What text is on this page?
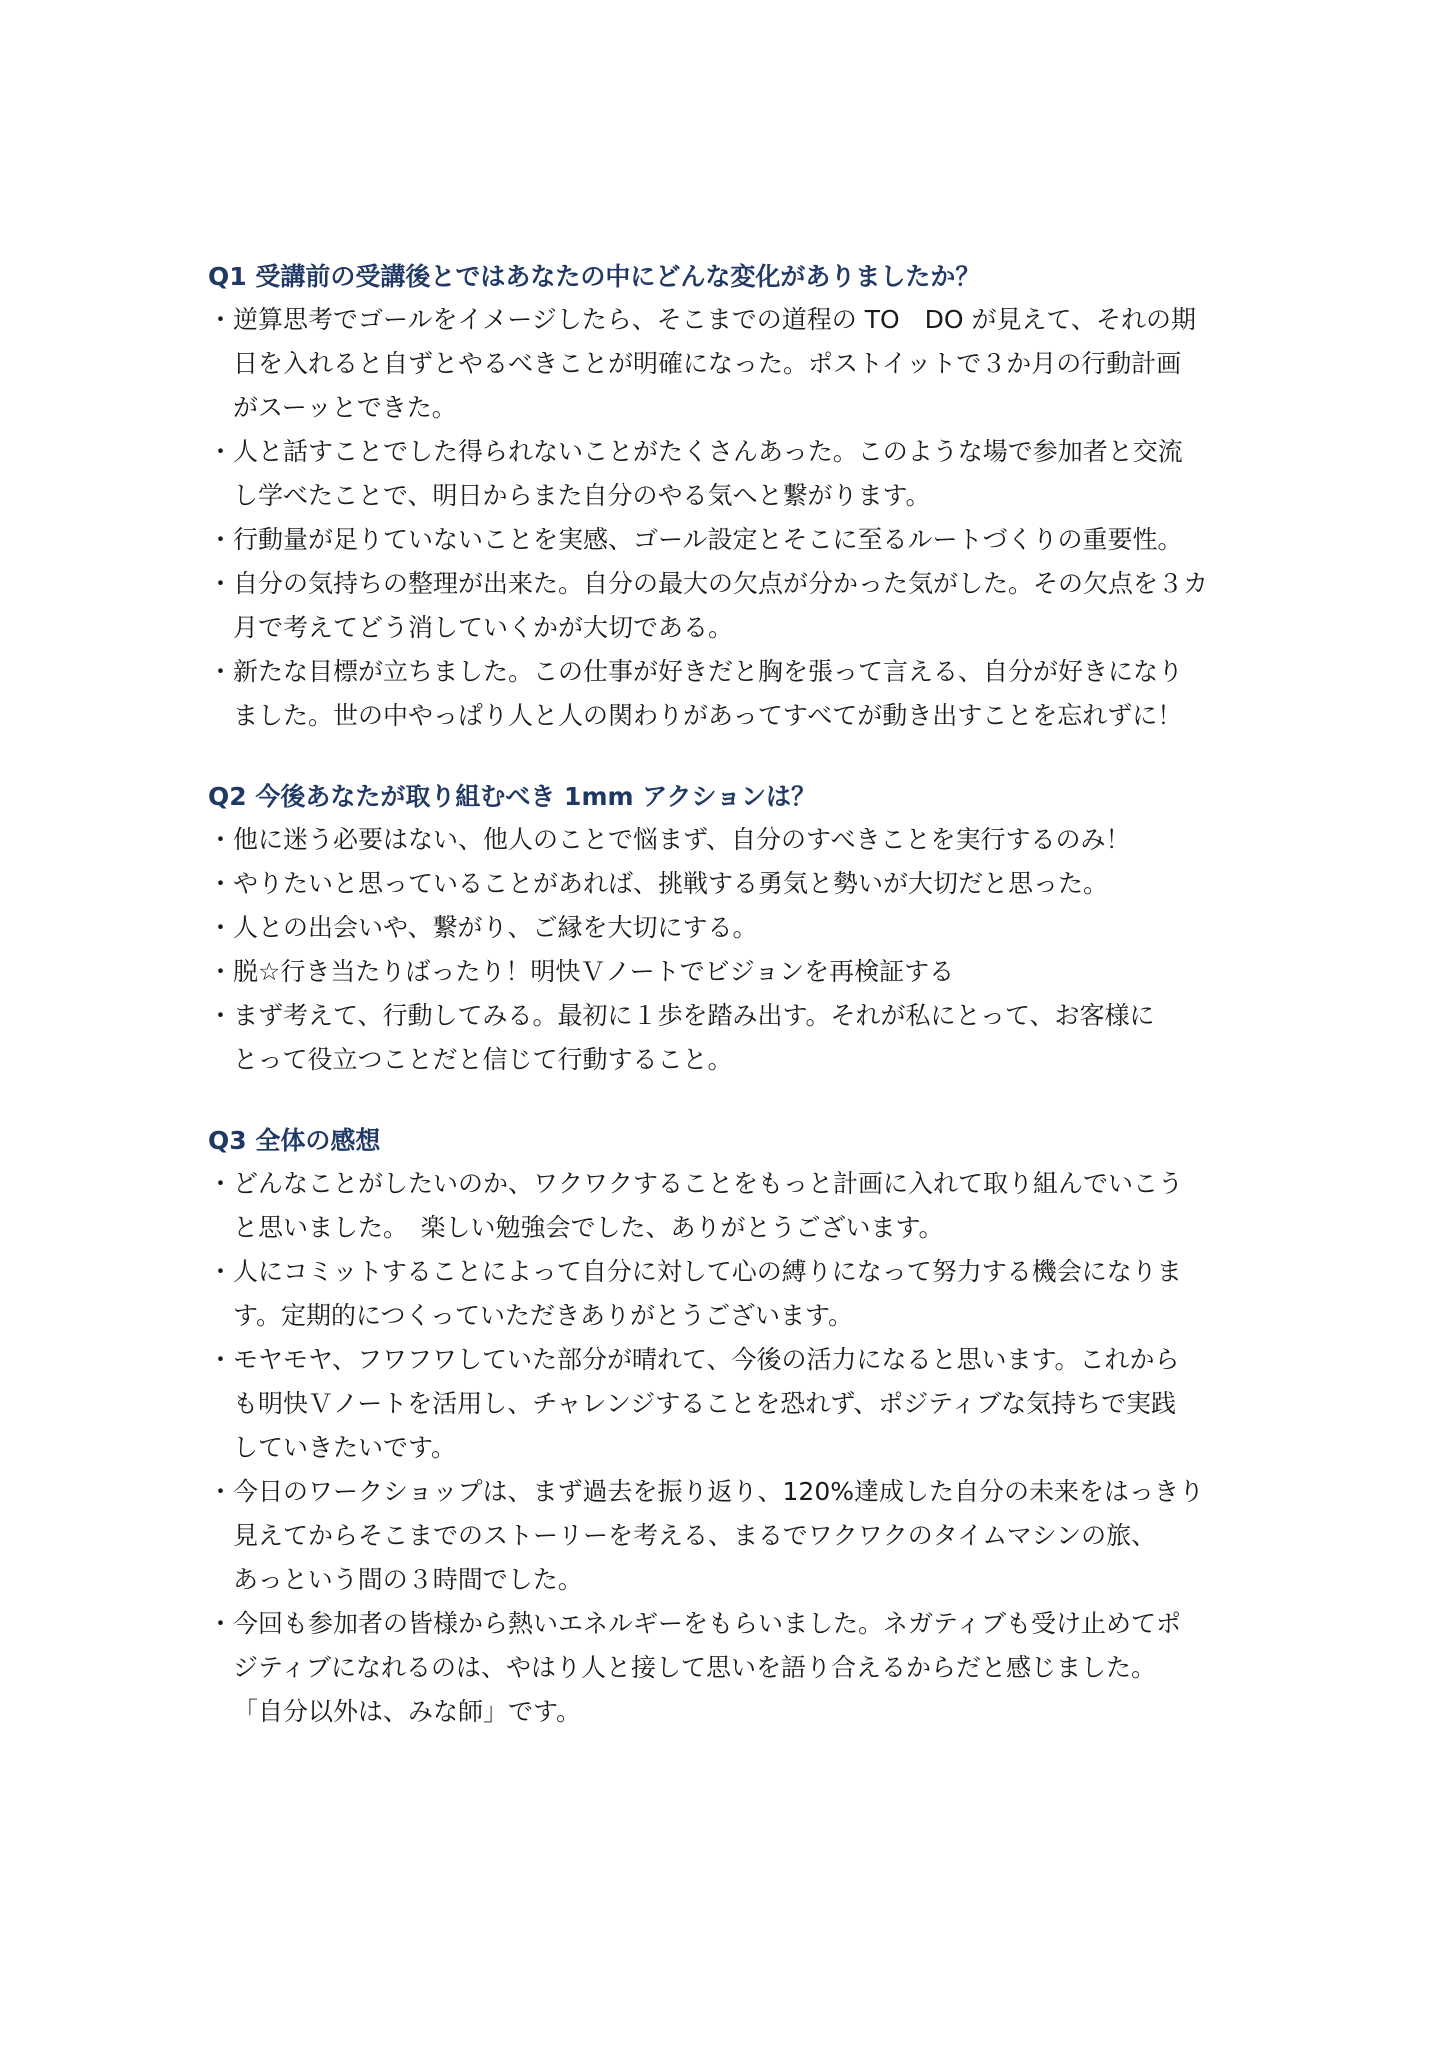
Q1 受講前の受講後とではあなたの中にどんな変化がありましたか？
・ 逆算思考でゴールをイメージしたら、そこまでの道程の TO　DO が見えて、それの期
日を入れると自ずとやるべきことが明確になった。ポストイットで３か月の行動計画
がスーッとできた。
・ 人と話すことでした得られないことがたくさんあった。このような場で参加者と交流
し学べたことで、明日からまた自分のやる気へと繋がります。
・ 行動量が足りていないことを実感、ゴール設定とそこに至るルートづくりの重要性。
・ 自分の気持ちの整理が出来た。自分の最大の欠点が分かった気がした。その欠点を３カ
月で考えてどう消していくかが大切である。
・ 新たな目標が立ちました。この仕事が好きだと胸を張って言える、自分が好きになり
ました。世の中やっぱり人と人の関わりがあってすべてが動き出すことを忘れずに！
Q2 今後あなたが取り組むべき 1mm アクションは？
・ 他に迷う必要はない、他人のことで悩まず、自分のすべきことを実行するのみ！
・ やりたいと思っていることがあれば、挑戦する勇気と勢いが大切だと思った。
・ 人との出会いや、繋がり、ご縁を大切にする。
・ 脱☆行き当たりばったり！明快Ｖノートでビジョンを再検証する
・ まず考えて、行動してみる。最初に１歩を踏み出す。それが私にとって、お客様に
とって役立つことだと信じて行動すること。
Q3 全体の感想
・ どんなことがしたいのか、ワクワクすることをもっと計画に入れて取り組んでいこう
と思いました。　楽しい勉強会でした、ありがとうございます。
・ 人にコミットすることによって自分に対して心の縛りになって努力する機会になりま
す。定期的につくっていただきありがとうございます。
・ モヤモヤ、フワフワしていた部分が晴れて、今後の活力になると思います。これから
も明快Ｖノートを活用し、チャレンジすることを恐れず、ポジティブな気持ちで実践
していきたいです。
・ 今日のワークショップは、まず過去を振り返り、120%達成した自分の未来をはっきり
見えてからそこまでのストーリーを考える、まるでワクワクのタイムマシンの旅、
あっという間の３時間でした。
・ 今回も参加者の皆様から熱いエネルギーをもらいました。ネガティブも受け止めてポ
ジティブになれるのは、やはり人と接して思いを語り合えるからだと感じました。
「自分以外は、みな師」です。
